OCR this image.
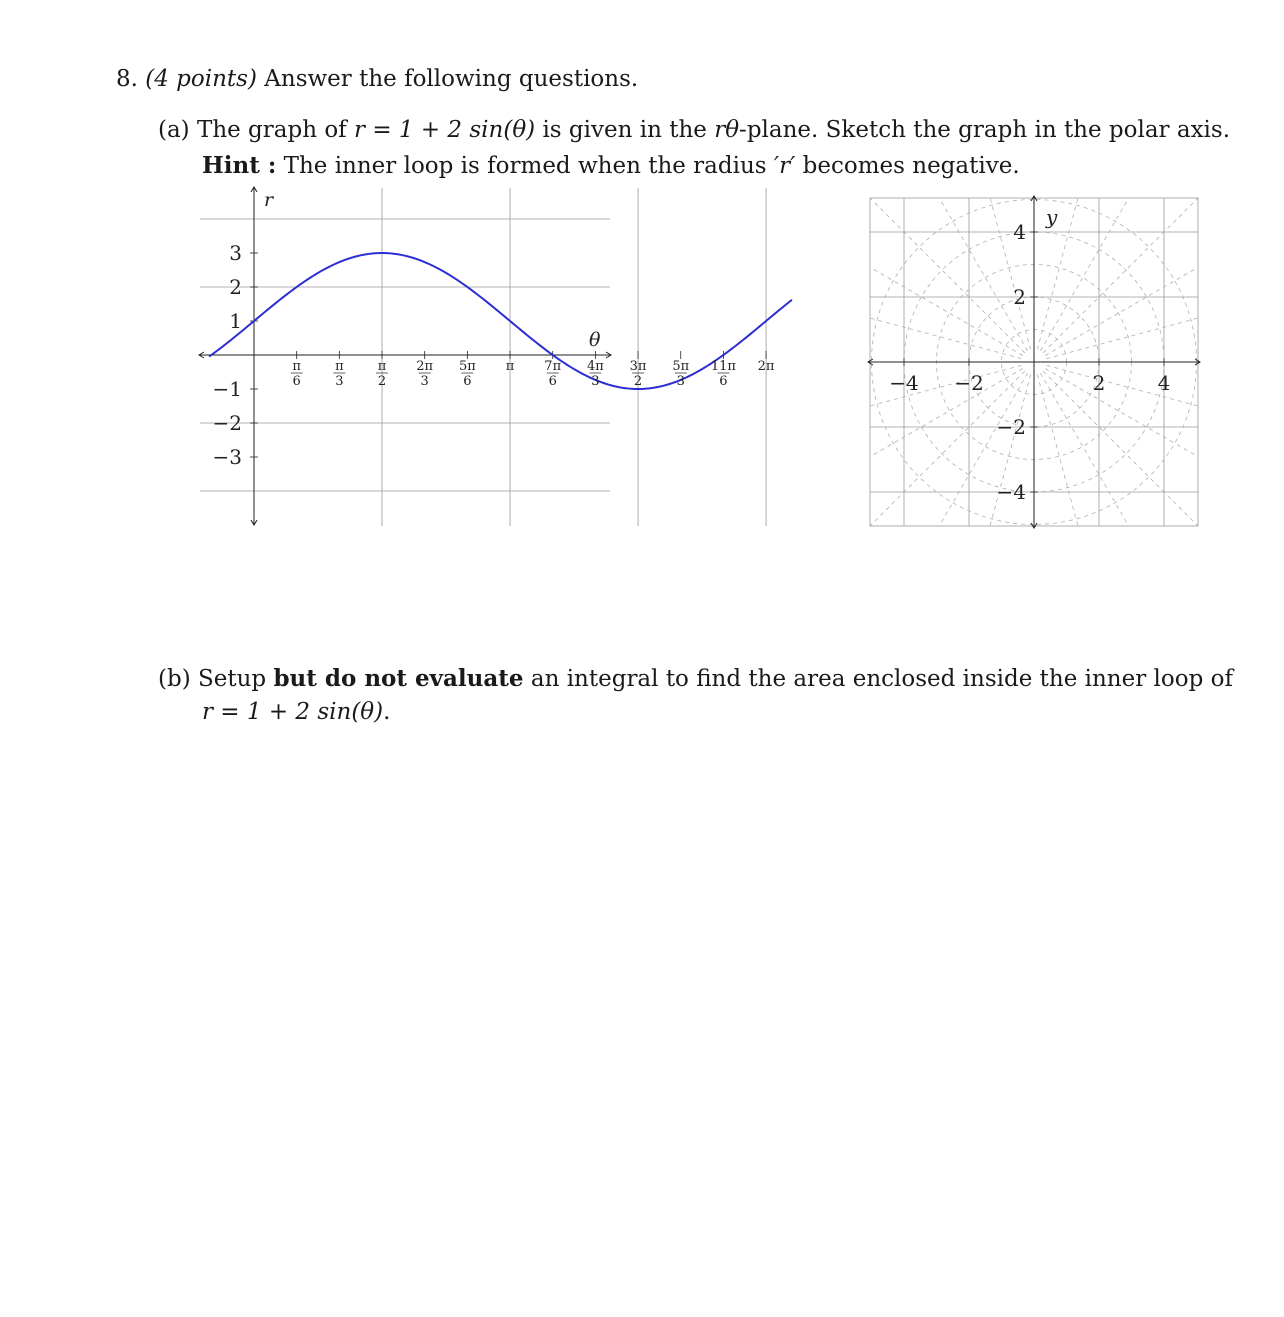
8. (4 points) Answer the following questions.
(a) The graph of r = 1 + 2 sin(θ) is given in the rθ-plane. Sketch the graph in the polar axis.
Hint : The inner loop is formed when the radius ′r′ becomes negative.
π
6
π
3
π
2
2π
3
5π
6
π 7π
6
4π
3
3π
2
5π
3
11π
6
2π
3
2
1
−1
−2
−3
r
θ
−4 −2	2	4
4
2
−2
−4
y
(b) Setup but do not evaluate an integral to find the area enclosed inside the inner loop of
r = 1 + 2 sin(θ).
